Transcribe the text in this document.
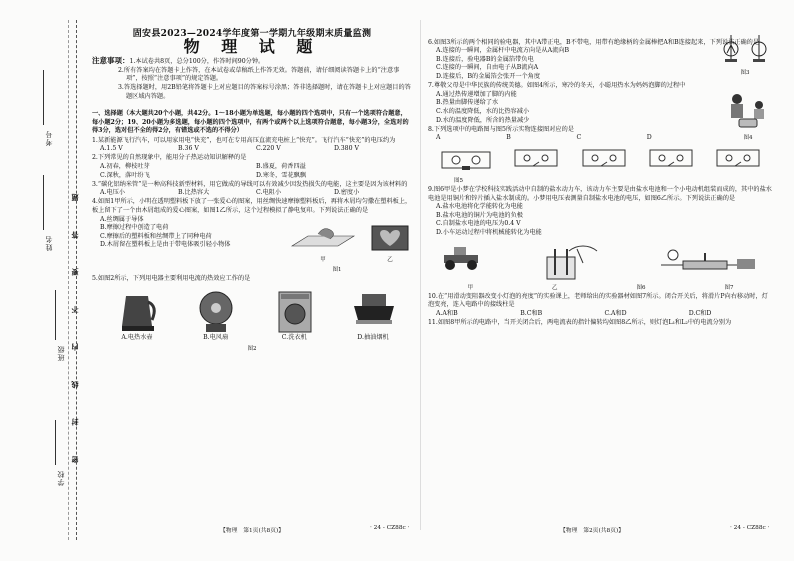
学校
班级
姓名
考号
密 封 线 内 不 要 答 题
固安县2023—2024学年度第一学期九年级期末质量监测
物 理 试 题

注意事项：1.本试卷共8页，总分100分，作答时间90分钟。

2.所有答案均在答题卡上作答，在本试卷或草稿纸上作答无效。答题前，请仔细阅读答题卡上的“注意事项”，按照“注意事项”的规定答题。

3.答选择题时，用2B铅笔将答题卡上对应题目的答案标号涂黑；答非选择题时，请在答题卡上对应题目的答题区域内答题。

一、选择题（本大题共20个小题，共42分。1～18小题为单选题，每小题的四个选项中，只有一个选项符合题意，每小题2分；19、20小题为多选题，每小题的四个选项中，有两个或两个以上选项符合题意，每小题3分，全选对的得3分，选对但不全的得2分，有错选或不选的不得分）
1.某新能源飞行汽车，可以用家用电“快充”，也可在专用高压直流充电桩上“快充”。飞行汽车“快充”的电压约为
A.1.5 V	B.36 V	C.220 V	D.380 V
2.下列常见的自然现象中，能用分子热运动知识解释的是
A.初春，柳枝吐芽	B.盛夏，荷香四溢
C.深秋，落叶纷飞	D.寒冬，雪花飘飘
3.“碳化铝纳米管”是一种高科技新型材料，用它做成的导线可以有效减少因发热损失的电能，这主要是因为该材料的
A.电压小	B.比热容大	C.电阻小	D.密度小
4.如图1甲所示，小明在透明塑料板下放了一张爱心的图案，用丝绸快速摩擦塑料板后，再将木屑均匀撒在塑料板上，板上留下了一个由木屑组成的爱心图案，如图1乙所示，这个过程模拟了静电复印。下列说法正确的是
A.丝绸属于导体
B.摩擦过程中创造了电荷
C.摩擦后的塑料板和丝绸带上了同种电荷
D.木屑留在塑料板上是由于带电体吸引轻小物体
甲	乙
图1
5.如图2所示，下列用电器主要利用电流的热效应工作的是
A.电热水壶	B.电风扇	C.洗衣机	D.抽油烟机
图2
6.如图3所示的两个相同的验电器，其中A带正电，B不带电，用带有绝缘柄的金属棒把A和B连接起来，下列说法正确的是
图3
A.连接的一瞬间，金属杆中电流方向是从A流向B
B.连接后，验电器B的金属箔带负电
C.连接的一瞬间，自由电子从B流向A
D.连接后，B的金属箔会张开一个角度
7.尊敬父母是中华民族的传统美德。如图4所示，寒冷的冬天，小聪用热水为妈妈泡脚的过程中
图4
A.通过热传递增加了脚的内能
B.热量由脚传递给了水
C.水的温度降低，水的比热容减小
D.水的温度降低，所含的热量减少
8.下列选项中的电路图与图5所示实物连接图对应的是
A	B	C	D
图5
9.图6甲是小梦在学校科技实践活动中自制的盐水动力车，该动力车主要是由盐水电池和一个小电动机组装而成的，其中的盐水电池是用铜片和锌片插入盐水制成的。小梦用电压表测量自制盐水电池的电压，如图6乙所示。下列说法正确的是
A.盐水电池将化学能转化为电能
B.盐水电池的铜片为电池的负极
C.自制盐水电池的电压为0.4 V
D.小车运动过程中将机械能转化为电能
甲	乙	图6	图7
10.在“用滑动变阻器改变小灯泡的亮度”的实验课上，老师给出的实验器材如图7所示。闭合开关后，将滑片P向右移动时，灯泡变亮，连入电路中的接线柱是
A.A和B	B.C和B	C.A和D	D.C和D
11.如图8甲所示的电路中，当开关闭合后，两电流表的指针偏转均如图8乙所示，则灯泡L₁和L₂中的电流分别为
【物理　第1页(共8页)】	· 24 - CZ88c ·	【物理　第2页(共8页)】	· 24 - CZ88c ·
